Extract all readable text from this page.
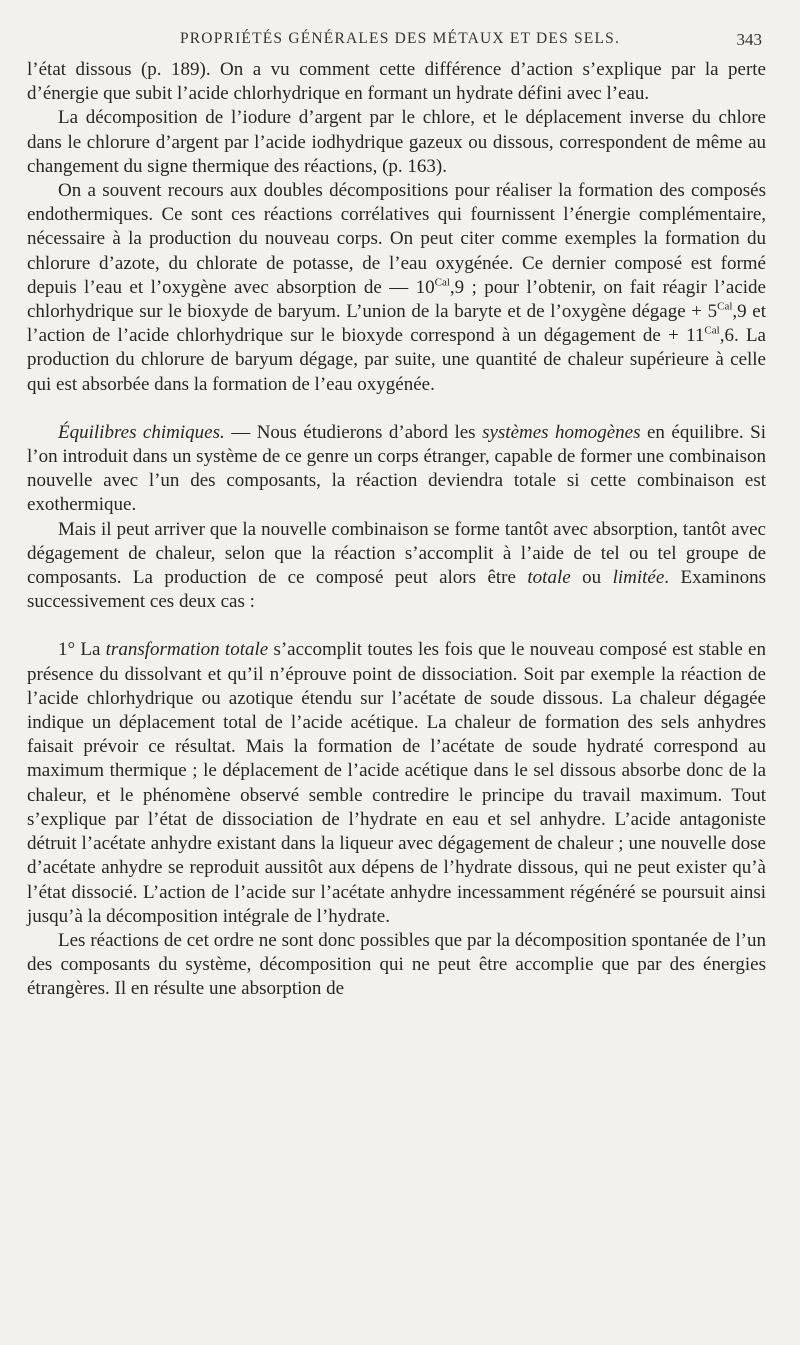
PROPRIÉTÉS GÉNÉRALES DES MÉTAUX ET DES SELS.	343

l’état dissous (p. 189). On a vu comment cette différence d’action s’explique par la perte d’énergie que subit l’acide chlorhydrique en formant un hydrate défini avec l’eau.

La décomposition de l’iodure d’argent par le chlore, et le déplacement inverse du chlore dans le chlorure d’argent par l’acide iodhydrique gazeux ou dissous, correspondent de même au changement du signe thermique des réactions, (p. 163).

On a souvent recours aux doubles décompositions pour réaliser la formation des composés endothermiques. Ce sont ces réactions corrélatives qui fournissent l’énergie complémentaire, nécessaire à la production du nouveau corps. On peut citer comme exemples la formation du chlorure d’azote, du chlorate de potasse, de l’eau oxygénée. Ce dernier composé est formé depuis l’eau et l’oxygène avec absorption de — $10^{Cal},9$ ; pour l’obtenir, on fait réagir l’acide chlorhydrique sur le bioxyde de baryum. L’union de la baryte et de l’oxygène dégage + $5^{Cal},9$ et l’action de l’acide chlorhydrique sur le bioxyde correspond à un dégagement de + $11^{Cal},6$. La production du chlorure de baryum dégage, par suite, une quantité de chaleur supérieure à celle qui est absorbée dans la formation de l’eau oxygénée.

Équilibres chimiques. — Nous étudierons d’abord les systèmes homogènes en équilibre. Si l’on introduit dans un système de ce genre un corps étranger, capable de former une combinaison nouvelle avec l’un des composants, la réaction deviendra totale si cette combinaison est exothermique.

Mais il peut arriver que la nouvelle combinaison se forme tantôt avec absorption, tantôt avec dégagement de chaleur, selon que la réaction s’accomplit à l’aide de tel ou tel groupe de composants. La production de ce composé peut alors être totale ou limitée. Examinons successivement ces deux cas :

1° La transformation totale s’accomplit toutes les fois que le nouveau composé est stable en présence du dissolvant et qu’il n’éprouve point de dissociation. Soit par exemple la réaction de l’acide chlorhydrique ou azotique étendu sur l’acétate de soude dissous. La chaleur dégagée indique un déplacement total de l’acide acétique. La chaleur de formation des sels anhydres faisait prévoir ce résultat. Mais la formation de l’acétate de soude hydraté correspond au maximum thermique ; le déplacement de l’acide acétique dans le sel dissous absorbe donc de la chaleur, et le phénomène observé semble contredire le principe du travail maximum. Tout s’explique par l’état de dissociation de l’hydrate en eau et sel anhydre. L’acide antagoniste détruit l’acétate anhydre existant dans la liqueur avec dégagement de chaleur ; une nouvelle dose d’acétate anhydre se reproduit aussitôt aux dépens de l’hydrate dissous, qui ne peut exister qu’à l’état dissocié. L’action de l’acide sur l’acétate anhydre incessamment régénéré se poursuit ainsi jusqu’à la décomposition intégrale de l’hydrate.

Les réactions de cet ordre ne sont donc possibles que par la décomposition spontanée de l’un des composants du système, décomposition qui ne peut être accomplie que par des énergies étrangères. Il en résulte une absorption de
